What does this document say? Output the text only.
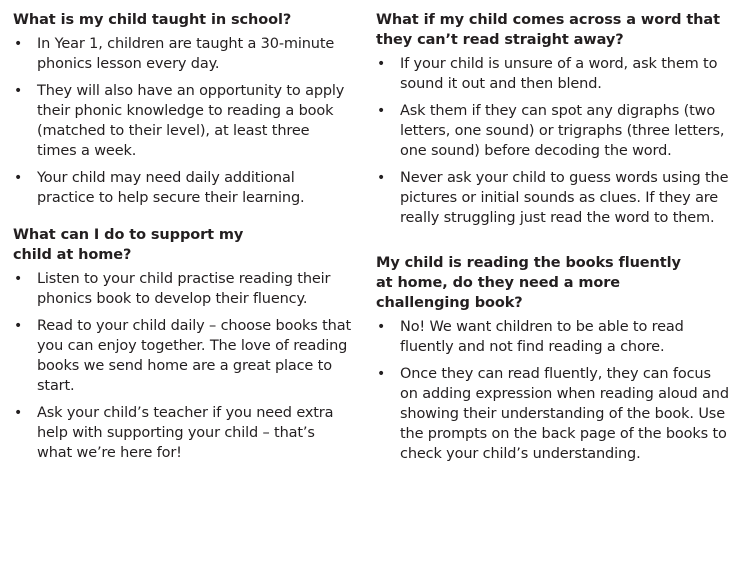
What is my child taught in school?
• In Year 1, children are taught a 30-minute phonics lesson every day.
• They will also have an opportunity to apply their phonic knowledge to reading a book (matched to their level), at least three times a week.
• Your child may need daily additional practice to help secure their learning.
What can I do to support my child at home?
• Listen to your child practise reading their phonics book to develop their fluency.
• Read to your child daily – choose books that you can enjoy together. The love of reading books we send home are a great place to start.
• Ask your child’s teacher if you need extra help with supporting your child – that’s what we’re here for!
What if my child comes across a word that they can’t read straight away?
• If your child is unsure of a word, ask them to sound it out and then blend.
• Ask them if they can spot any digraphs (two letters, one sound) or trigraphs (three letters, one sound) before decoding the word.
• Never ask your child to guess words using the pictures or initial sounds as clues. If they are really struggling just read the word to them.
My child is reading the books fluently at home, do they need a more challenging book?
• No! We want children to be able to read fluently and not find reading a chore.
• Once they can read fluently, they can focus on adding expression when reading aloud and showing their understanding of the book. Use the prompts on the back page of the books to check your child’s understanding.
